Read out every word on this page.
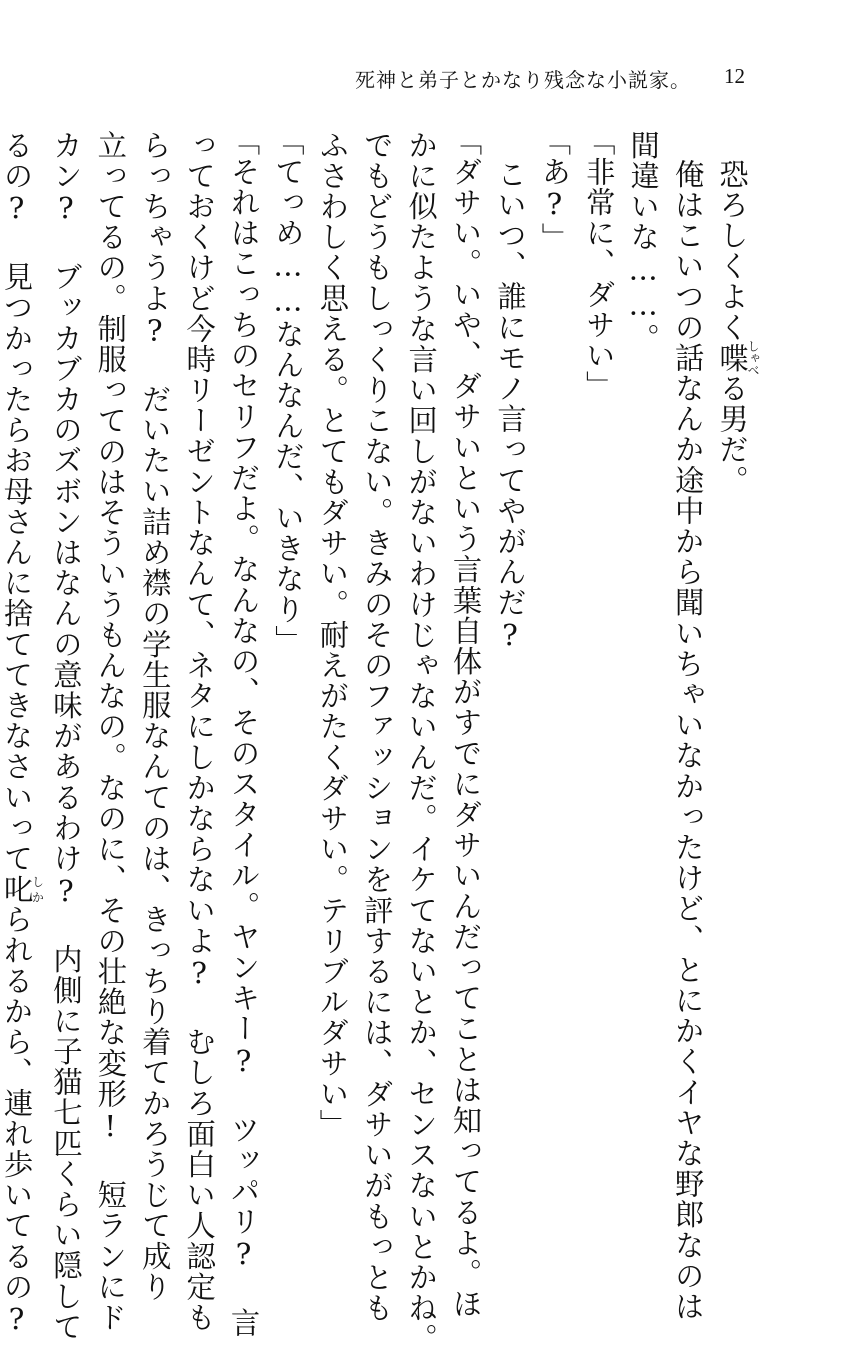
死神と弟子とかなり残念な小説家。 12

恐ろしくよく喋しゃべる男だ。

俺はこいつの話なんか途中から聞いちゃいなかったけど、とにかくイヤな野郎なのは

間違いな……。

「非常に、ダサい」

「あ?」

こいつ、誰にモノ言ってやがんだ?

「ダサい。いや、ダサいという言葉自体がすでにダサいんだってことは知ってるよ。ほ

かに似たような言い回しがないわけじゃないんだ。イケてないとか、センスないとかね。

でもどうもしっくりこない。きみのそのファッションを評するには、ダサいがもっとも

ふさわしく思える。とてもダサい。耐えがたくダサい。テリブルダサい」

「てっめ……なんなんだ、いきなり」

「それはこっちのセリフだよ。なんなの、そのスタイル。ヤンキー? ツッパリ? 言

っておくけど今時リーゼントなんて、ネタにしかならないよ? むしろ面白い人認定も

らっちゃうよ? だいたい詰め襟の学生服なんてのは、きっちり着てかろうじて成り

立ってるの。制服ってのはそういうもんなの。なのに、その壮絶な変形! 短ランにド

カン? ブッカブカのズボンはなんの意味があるわけ? 内側に子猫七匹くらい隠して

るの? 見つかったらお母さんに捨ててきなさいって叱しかられるから、連れ歩いてるの?
